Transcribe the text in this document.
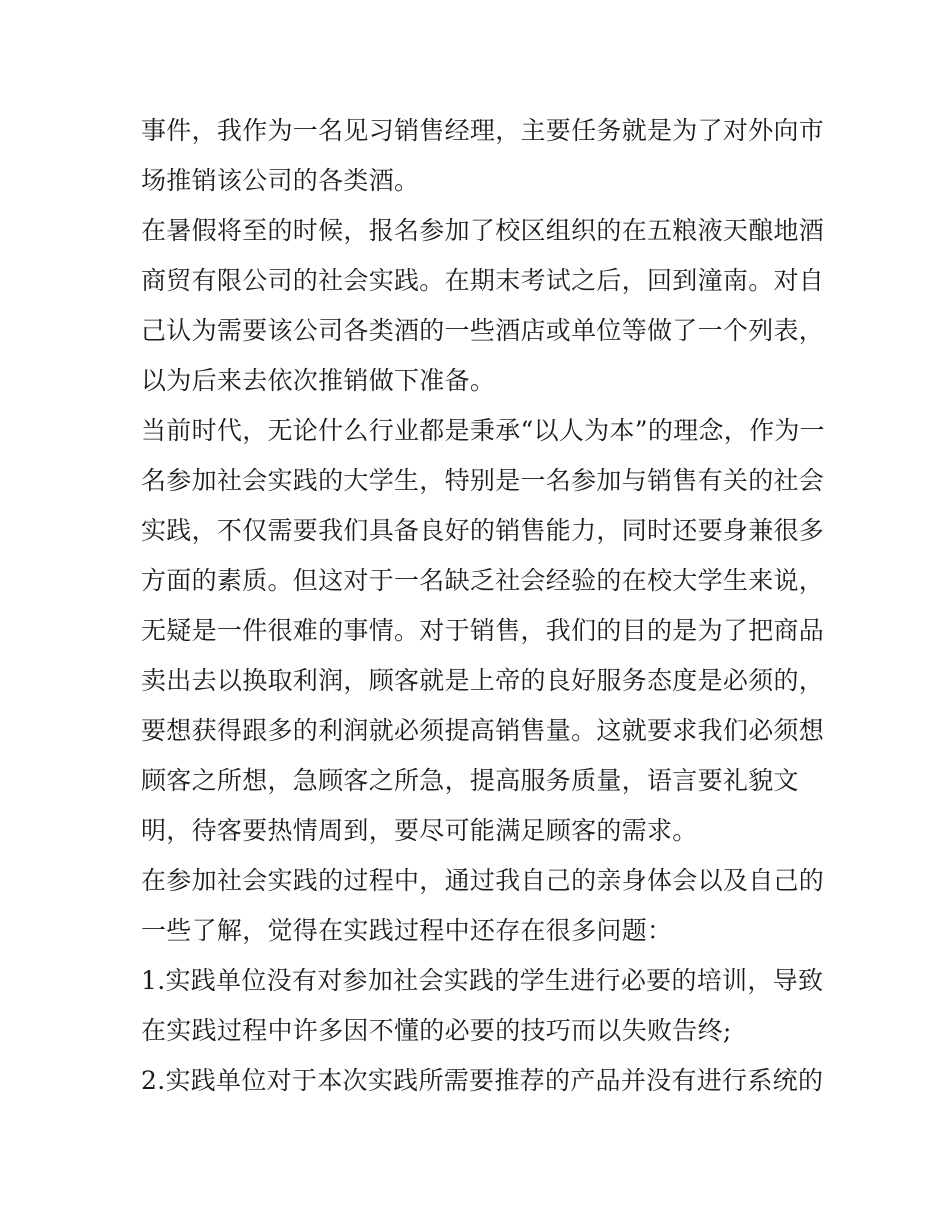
事件，我作为一名见习销售经理，主要任务就是为了对外向市
场推销该公司的各类酒。
在暑假将至的时候，报名参加了校区组织的在五粮液天酿地酒
商贸有限公司的社会实践。在期末考试之后，回到潼南。对自
己认为需要该公司各类酒的一些酒店或单位等做了一个列表，
以为后来去依次推销做下准备。
当前时代，无论什么行业都是秉承“以人为本”的理念，作为一
名参加社会实践的大学生，特别是一名参加与销售有关的社会
实践，不仅需要我们具备良好的销售能力，同时还要身兼很多
方面的素质。但这对于一名缺乏社会经验的在校大学生来说，
无疑是一件很难的事情。对于销售，我们的目的是为了把商品
卖出去以换取利润，顾客就是上帝的良好服务态度是必须的，
要想获得跟多的利润就必须提高销售量。这就要求我们必须想
顾客之所想，急顾客之所急，提高服务质量，语言要礼貌文
明，待客要热情周到，要尽可能满足顾客的需求。
在参加社会实践的过程中，通过我自己的亲身体会以及自己的
一些了解，觉得在实践过程中还存在很多问题：
1.实践单位没有对参加社会实践的学生进行必要的培训，导致
在实践过程中许多因不懂的必要的技巧而以失败告终;
2.实践单位对于本次实践所需要推荐的产品并没有进行系统的
